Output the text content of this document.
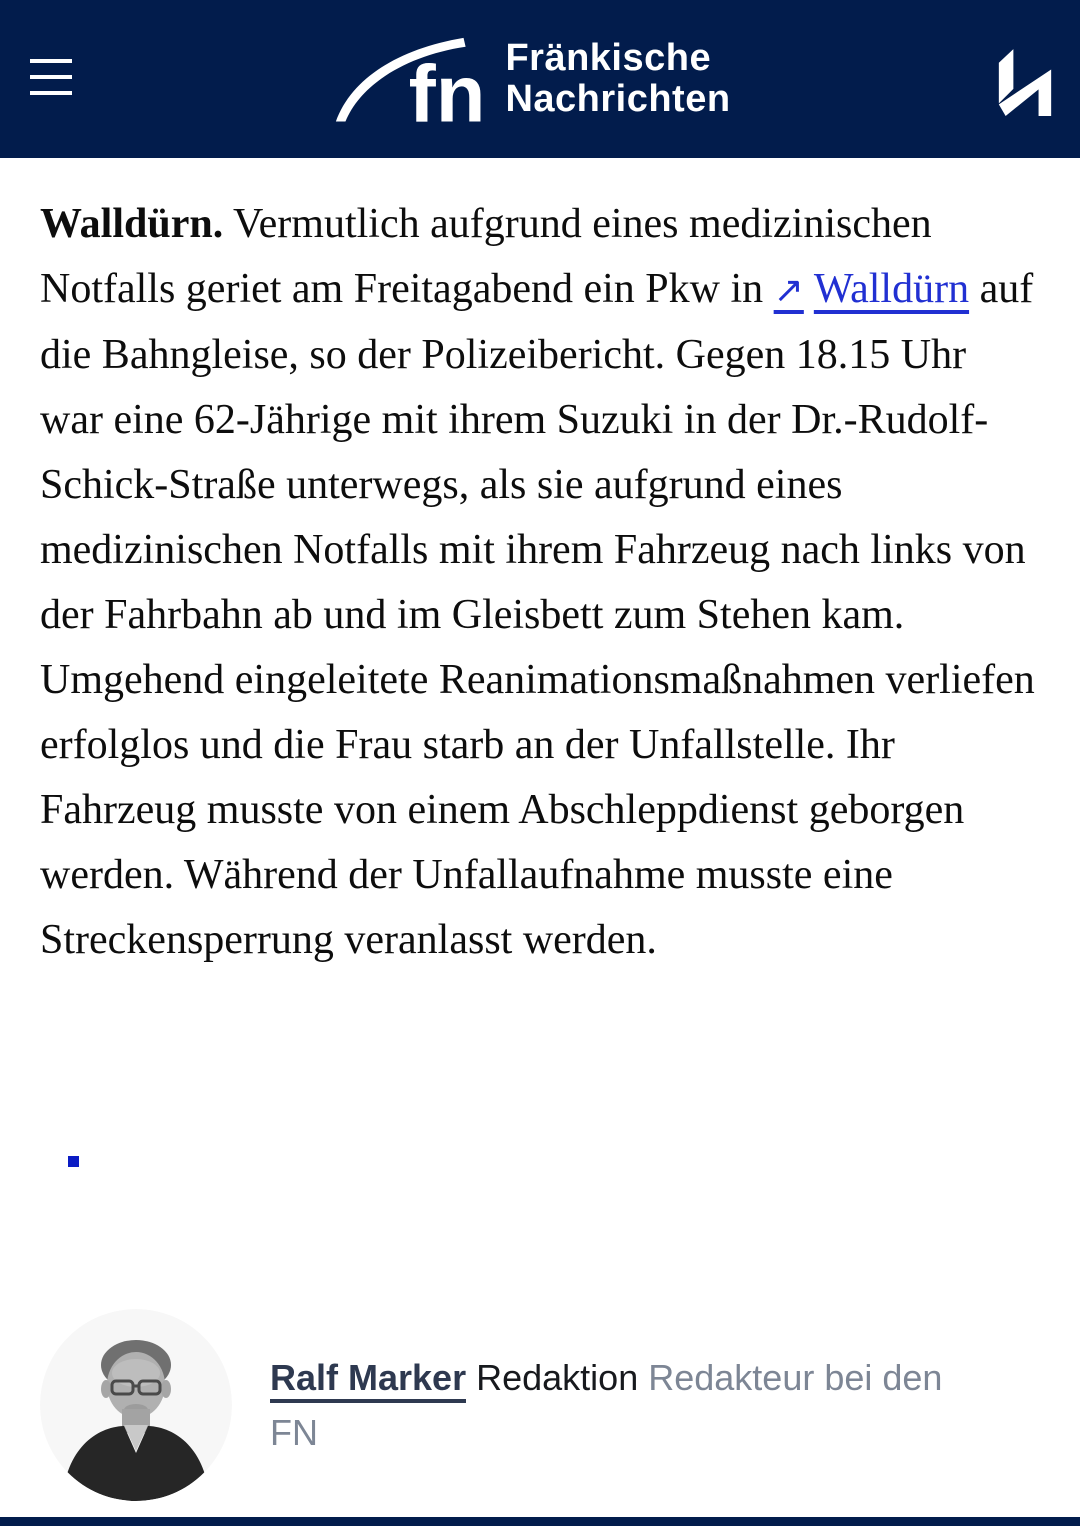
fn Fränkische
Nachrichten

Walldürn. Vermutlich aufgrund eines medizinischen Notfalls geriet am Freitagabend ein Pkw in ↗ Walldürn auf die Bahngleise, so der Polizeibericht. Gegen 18.15 Uhr war eine 62-Jährige mit ihrem Suzuki in der Dr.-Rudolf-Schick-Straße unterwegs, als sie aufgrund eines medizinischen Notfalls mit ihrem Fahrzeug nach links von der Fahrbahn ab und im Gleisbett zum Stehen kam. Umgehend eingeleitete Reanimationsmaßnahmen verliefen erfolglos und die Frau starb an der Unfallstelle. Ihr Fahrzeug musste von einem Abschleppdienst geborgen werden. Während der Unfallaufnahme musste eine Streckensperrung veranlasst werden.

Ralf Marker Redaktion Redakteur bei den FN
